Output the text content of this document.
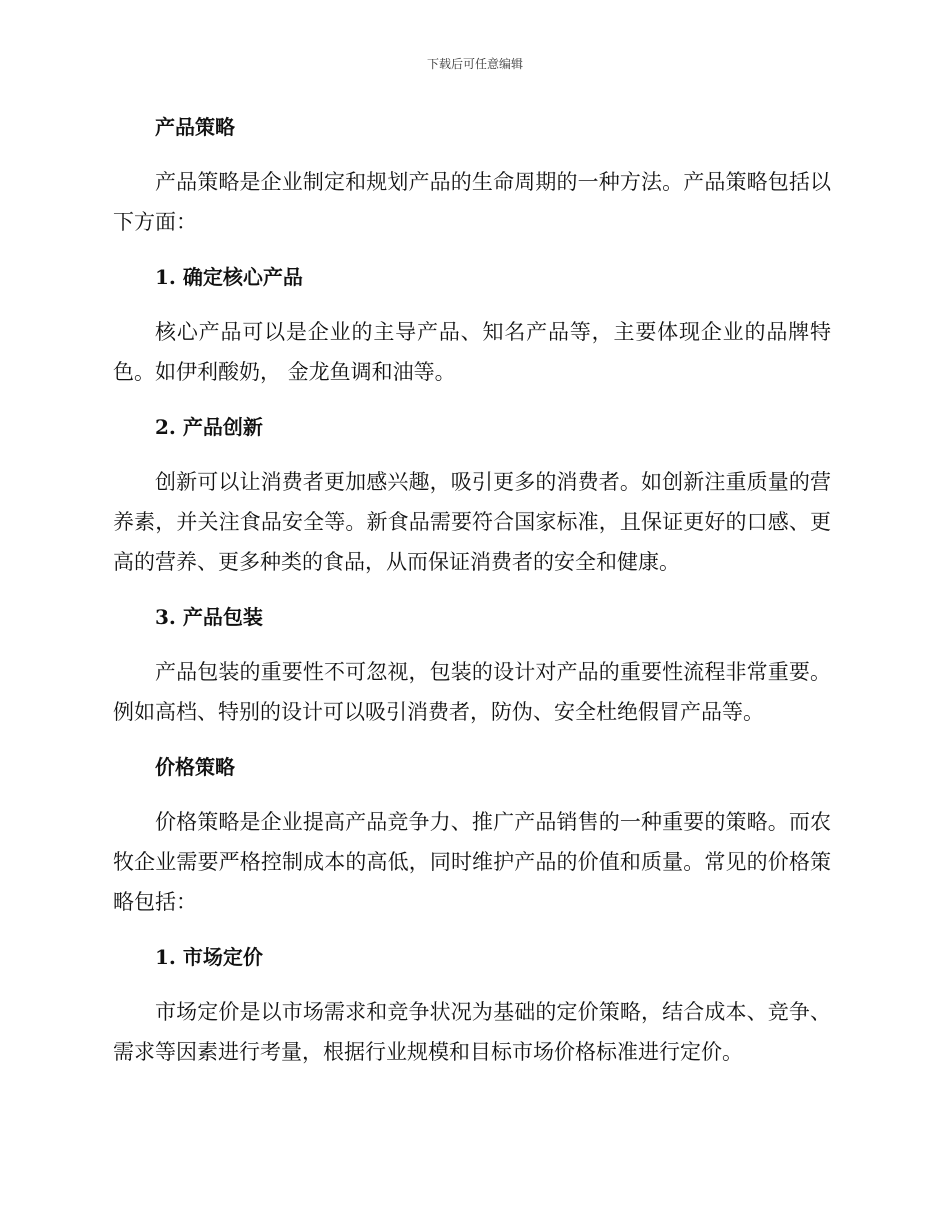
下载后可任意编辑
产品策略

产品策略是企业制定和规划产品的生命周期的一种方法。产品策略包括以下方面：

1. 确定核心产品

核心产品可以是企业的主导产品、知名产品等，主要体现企业的品牌特色。如伊利酸奶， 金龙鱼调和油等。

2. 产品创新

创新可以让消费者更加感兴趣，吸引更多的消费者。如创新注重质量的营养素，并关注食品安全等。新食品需要符合国家标准，且保证更好的口感、更高的营养、更多种类的食品，从而保证消费者的安全和健康。

3. 产品包装

产品包装的重要性不可忽视，包装的设计对产品的重要性流程非常重要。例如高档、特别的设计可以吸引消费者，防伪、安全杜绝假冒产品等。

价格策略

价格策略是企业提高产品竞争力、推广产品销售的一种重要的策略。而农牧企业需要严格控制成本的高低，同时维护产品的价值和质量。常见的价格策略包括：

1. 市场定价

市场定价是以市场需求和竞争状况为基础的定价策略，结合成本、竞争、需求等因素进行考量，根据行业规模和目标市场价格标准进行定价。
